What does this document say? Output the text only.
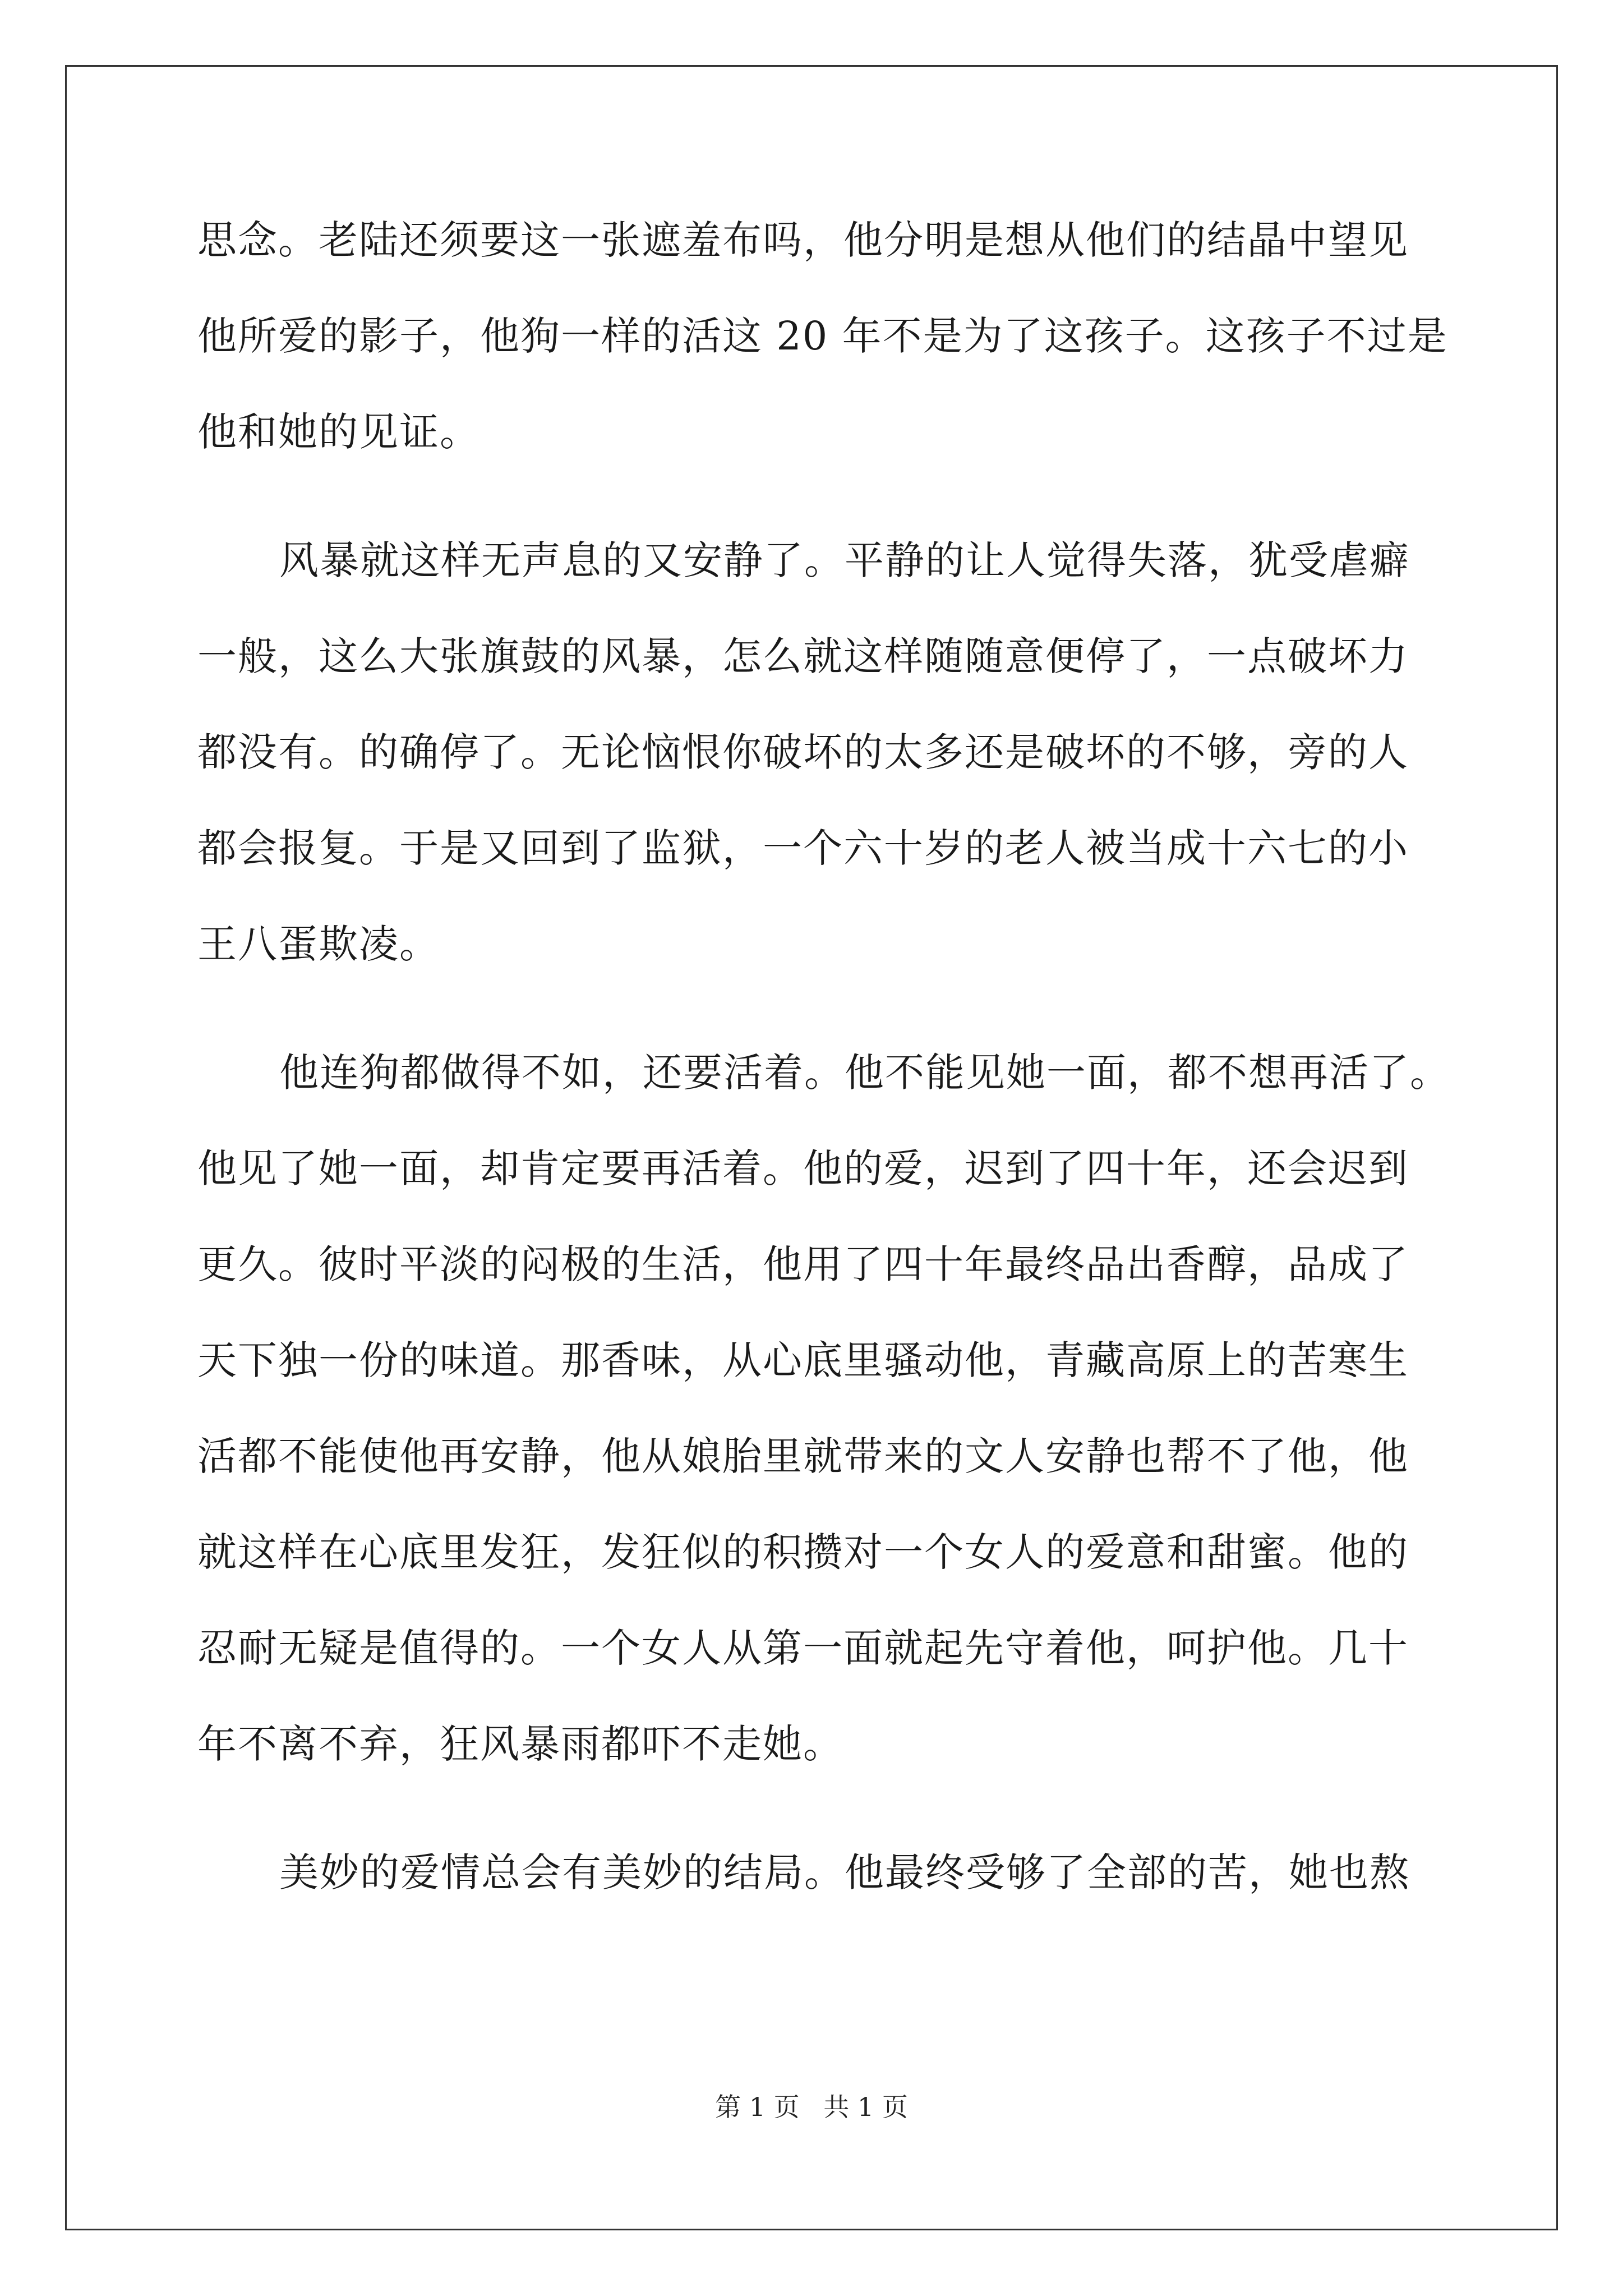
思念。老陆还须要这一张遮羞布吗，他分明是想从他们的结晶中望见
他所爱的影子，他狗一样的活这 20 年不是为了这孩子。这孩子不过是
他和她的见证。
风暴就这样无声息的又安静了。平静的让人觉得失落，犹受虐癖
一般，这么大张旗鼓的风暴，怎么就这样随随意便停了，一点破坏力
都没有。的确停了。无论恼恨你破坏的太多还是破坏的不够，旁的人
都会报复。于是又回到了监狱，一个六十岁的老人被当成十六七的小
王八蛋欺凌。
他连狗都做得不如，还要活着。他不能见她一面，都不想再活了。
他见了她一面，却肯定要再活着。他的爱，迟到了四十年，还会迟到
更久。彼时平淡的闷极的生活，他用了四十年最终品出香醇，品成了
天下独一份的味道。那香味，从心底里骚动他，青藏高原上的苦寒生
活都不能使他再安静，他从娘胎里就带来的文人安静也帮不了他，他
就这样在心底里发狂，发狂似的积攒对一个女人的爱意和甜蜜。他的
忍耐无疑是值得的。一个女人从第一面就起先守着他，呵护他。几十
年不离不弃，狂风暴雨都吓不走她。
美妙的爱情总会有美妙的结局。他最终受够了全部的苦，她也熬
第 1 页 共 1 页
